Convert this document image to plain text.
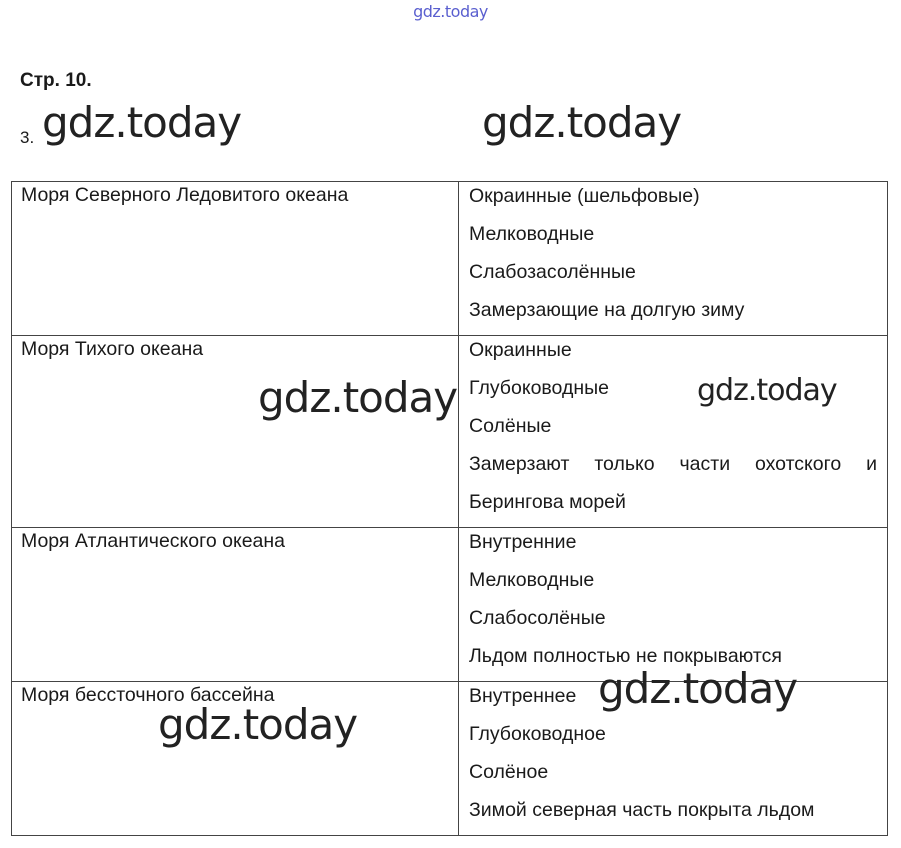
gdz.today
Стр. 10.
3.
Моря Северного Ледовитого океана	Окраинные (шельфовые)
Мелководные
Слабозасолённые
Замерзающие на долгую зиму

Моря Тихого океана	Окраинные
Глубоководные
Солёные
Замерзают только части охотского и
Берингова морей

Моря Атлантического океана	Внутренние
Мелководные
Слабосолёные
Льдом полностью не покрываются

Моря бессточного бассейна	Внутреннее
Глубоководное
Солёное
Зимой северная часть покрыта льдом
gdz.today	gdz.today
gdz.today	gdz.today
gdz.today
gdz.today
